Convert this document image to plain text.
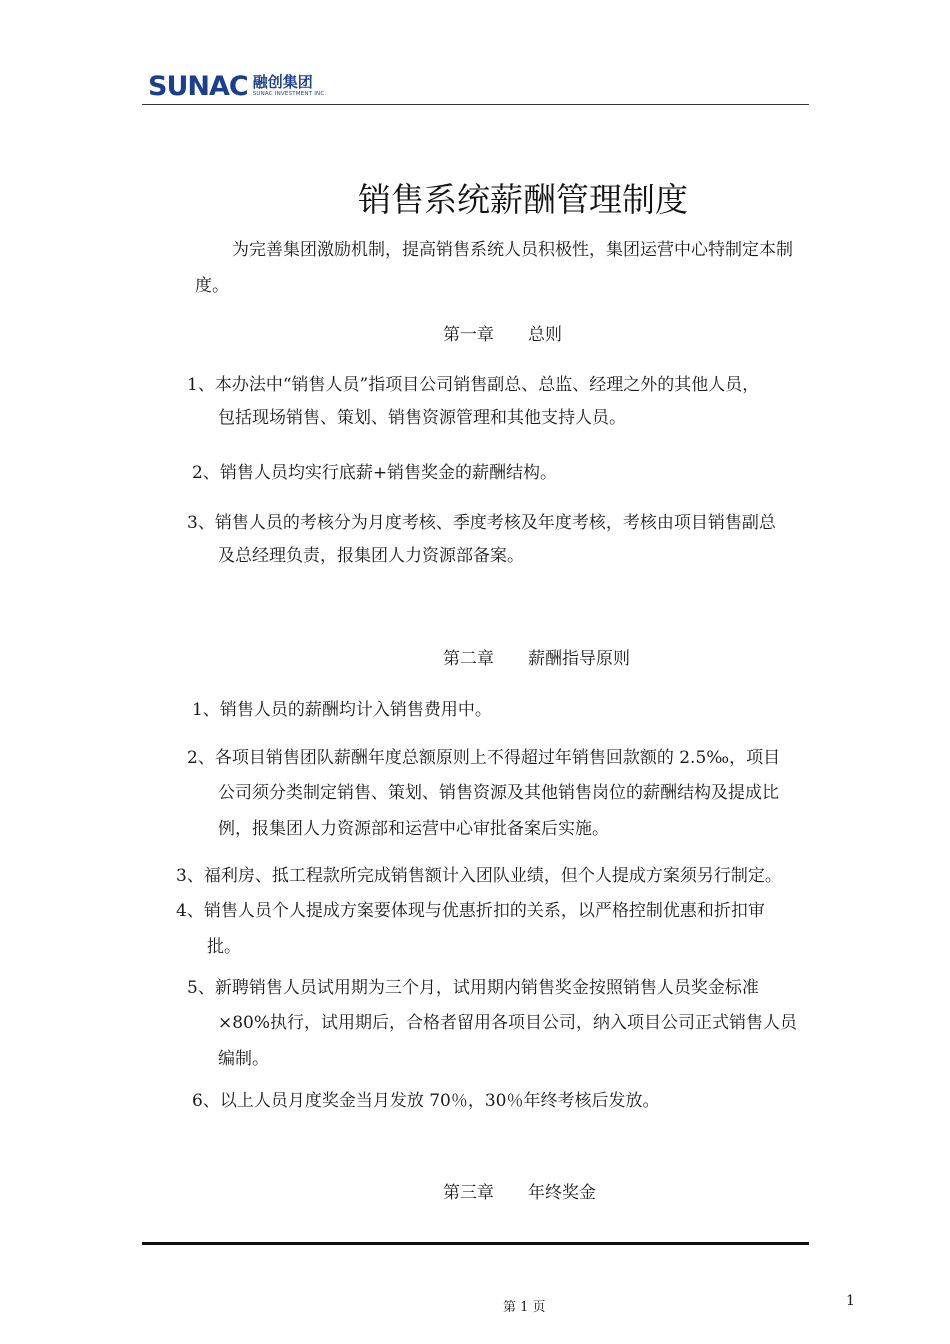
SUNAC 融创集团
SUNAC INVESTMENT INC.
销售系统薪酬管理制度
为完善集团激励机制，提高销售系统人员积极性，集团运营中心特制定本制
度。
第一章　　总则
1、本办法中“销售人员”指项目公司销售副总、总监、经理之外的其他人员，
包括现场销售、策划、销售资源管理和其他支持人员。
2、销售人员均实行底薪+销售奖金的薪酬结构。
3、销售人员的考核分为月度考核、季度考核及年度考核，考核由项目销售副总
及总经理负责，报集团人力资源部备案。
第二章　　薪酬指导原则
1、销售人员的薪酬均计入销售费用中。
2、各项目销售团队薪酬年度总额原则上不得超过年销售回款额的 2.5‰，项目
公司须分类制定销售、策划、销售资源及其他销售岗位的薪酬结构及提成比
例，报集团人力资源部和运营中心审批备案后实施。
3、福利房、抵工程款所完成销售额计入团队业绩，但个人提成方案须另行制定。
4、销售人员个人提成方案要体现与优惠折扣的关系，以严格控制优惠和折扣审
批。
5、新聘销售人员试用期为三个月，试用期内销售奖金按照销售人员奖金标准
×80%执行，试用期后，合格者留用各项目公司，纳入项目公司正式销售人员
编制。
6、以上人员月度奖金当月发放 70％，30％年终考核后发放。
第三章　　年终奖金
第 1 页	1
